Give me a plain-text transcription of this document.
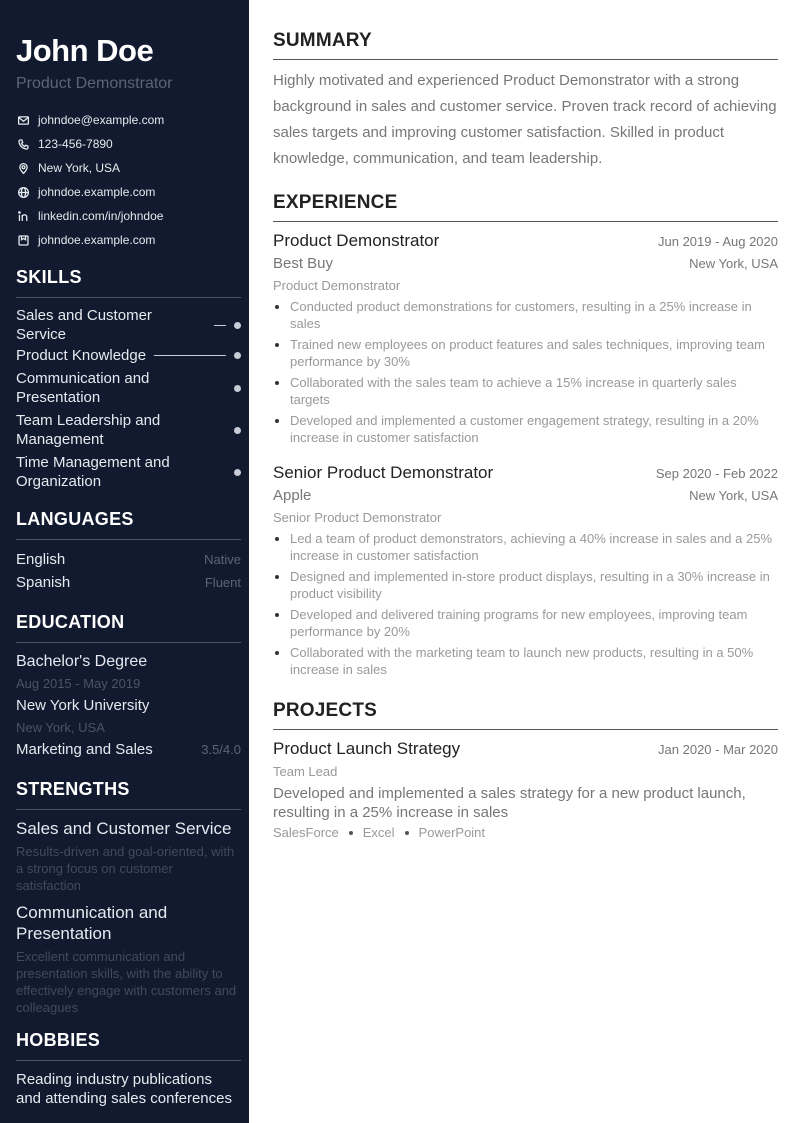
John Doe
Product Demonstrator
johndoe@example.com
123-456-7890
New York, USA
johndoe.example.com
linkedin.com/in/johndoe
johndoe.example.com
SKILLS
Sales and Customer Service
Product Knowledge
Communication and Presentation
Team Leadership and Management
Time Management and Organization
LANGUAGES
English	Native
Spanish	Fluent
EDUCATION
Bachelor's Degree
Aug 2015 - May 2019
New York University
New York, USA
Marketing and Sales	3.5/4.0
STRENGTHS
Sales and Customer Service
Results-driven and goal-oriented, with a strong focus on customer satisfaction
Communication and Presentation
Excellent communication and presentation skills, with the ability to effectively engage with customers and colleagues
HOBBIES
Reading industry publications and attending sales conferences
SUMMARY

Highly motivated and experienced Product Demonstrator with a strong background in sales and customer service. Proven track record of achieving sales targets and improving customer satisfaction. Skilled in product knowledge, communication, and team leadership.

EXPERIENCE
Product Demonstrator	Jun 2019 - Aug 2020
Best Buy	New York, USA
Product Demonstrator
Conducted product demonstrations for customers, resulting in a 25% increase in sales
Trained new employees on product features and sales techniques, improving team performance by 30%
Collaborated with the sales team to achieve a 15% increase in quarterly sales targets
Developed and implemented a customer engagement strategy, resulting in a 20% increase in customer satisfaction
Senior Product Demonstrator	Sep 2020 - Feb 2022
Apple	New York, USA
Senior Product Demonstrator
Led a team of product demonstrators, achieving a 40% increase in sales and a 25% increase in customer satisfaction
Designed and implemented in-store product displays, resulting in a 30% increase in product visibility
Developed and delivered training programs for new employees, improving team performance by 20%
Collaborated with the marketing team to launch new products, resulting in a 50% increase in sales
PROJECTS
Product Launch Strategy	Jan 2020 - Mar 2020
Team Lead

Developed and implemented a sales strategy for a new product launch, resulting in a 25% increase in sales

SalesForce Excel PowerPoint
